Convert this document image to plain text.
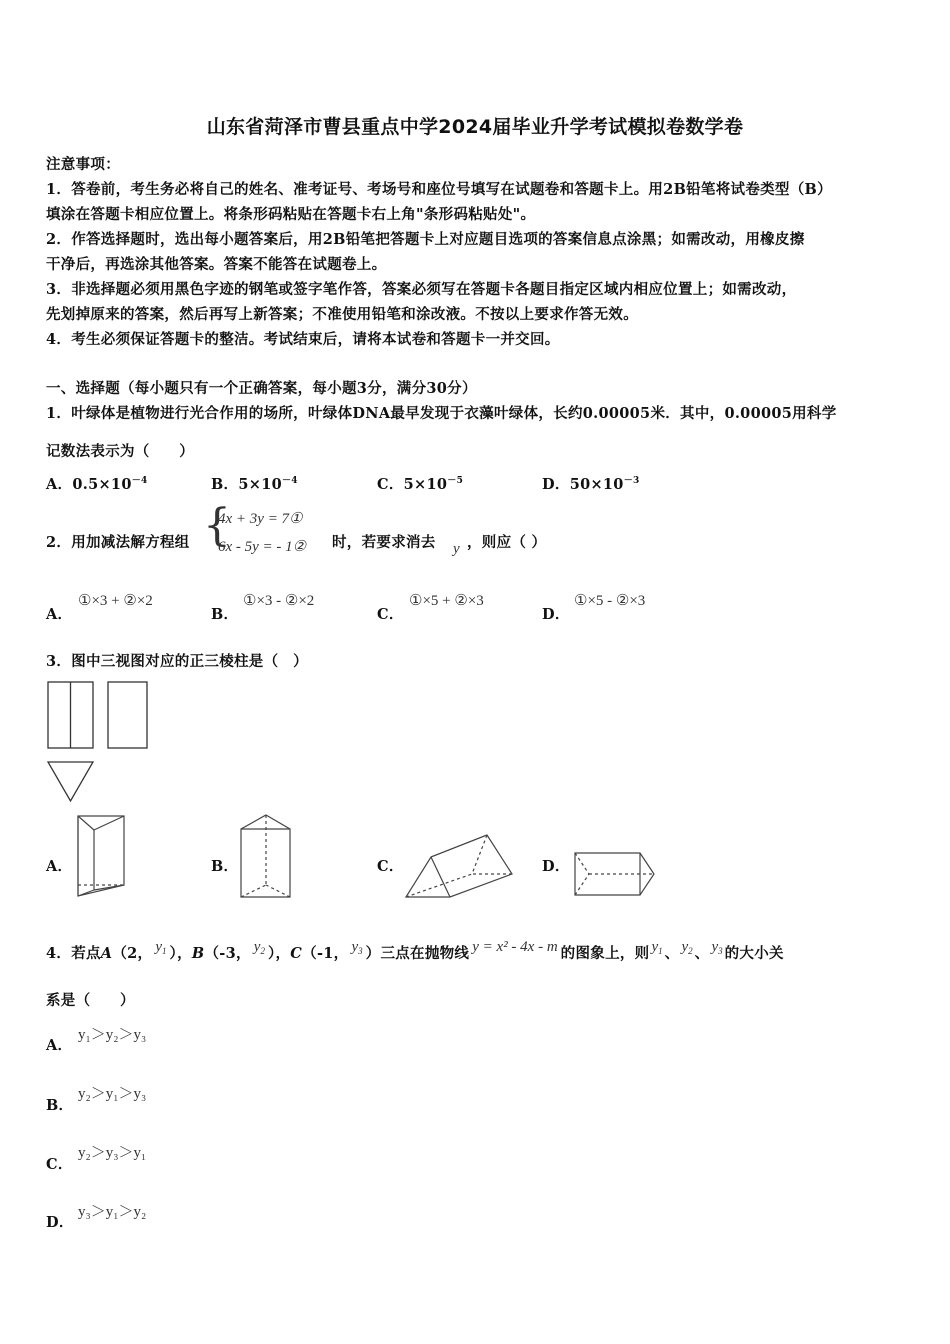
山东省菏泽市曹县重点中学2024届毕业升学考试模拟卷数学卷
注意事项：
1．答卷前，考生务必将自己的姓名、准考证号、考场号和座位号填写在试题卷和答题卡上。用2B铅笔将试卷类型（B）
填涂在答题卡相应位置上。将条形码粘贴在答题卡右上角"条形码粘贴处"。
2．作答选择题时，选出每小题答案后，用2B铅笔把答题卡上对应题目选项的答案信息点涂黑；如需改动，用橡皮擦
干净后，再选涂其他答案。答案不能答在试题卷上。
3．非选择题必须用黑色字迹的钢笔或签字笔作答，答案必须写在答题卡各题目指定区域内相应位置上；如需改动，
先划掉原来的答案，然后再写上新答案；不准使用铅笔和涂改液。不按以上要求作答无效。
4．考生必须保证答题卡的整洁。考试结束后，请将本试卷和答题卡一并交回。
一、选择题（每小题只有一个正确答案，每小题3分，满分30分）
1．叶绿体是植物进行光合作用的场所，叶绿体DNA最早发现于衣藻叶绿体，长约0.00005米．其中，0.00005用科学
记数法表示为（　　）
A．$0.5\times 10^{-4}$	B．$5\times 10^{-4}$	C．$5\times 10^{-5}$	D．$50\times 10^{-3}$
2．用加减法解方程组 {
4x + 3y = 7①
6x - 5y = - 1② 时，若要求消去 y ，则应（ ）
A．
①×3 + ②×2
B．
①×3 - ②×2
C．
①×5 + ②×3
D．
①×5 - ②×3
3．图中三视图对应的正三棱柱是（　）
A．	B．	C．	D．
4．若点A（2， $y_1$ ），B（-3， $y_2$ ），C（-1， $y_3$ ）三点在抛物线 y = x² - 4x - m 的图象上，则 $y_1$ 、 $y_2$ 、 $y_3$ 的大小关
系是（　　）
A．
y₁＞y₂＞y₃
B．
y₂＞y₁＞y₃
C．
y₂＞y₃＞y₁
D．
y₃＞y₁＞y₂
